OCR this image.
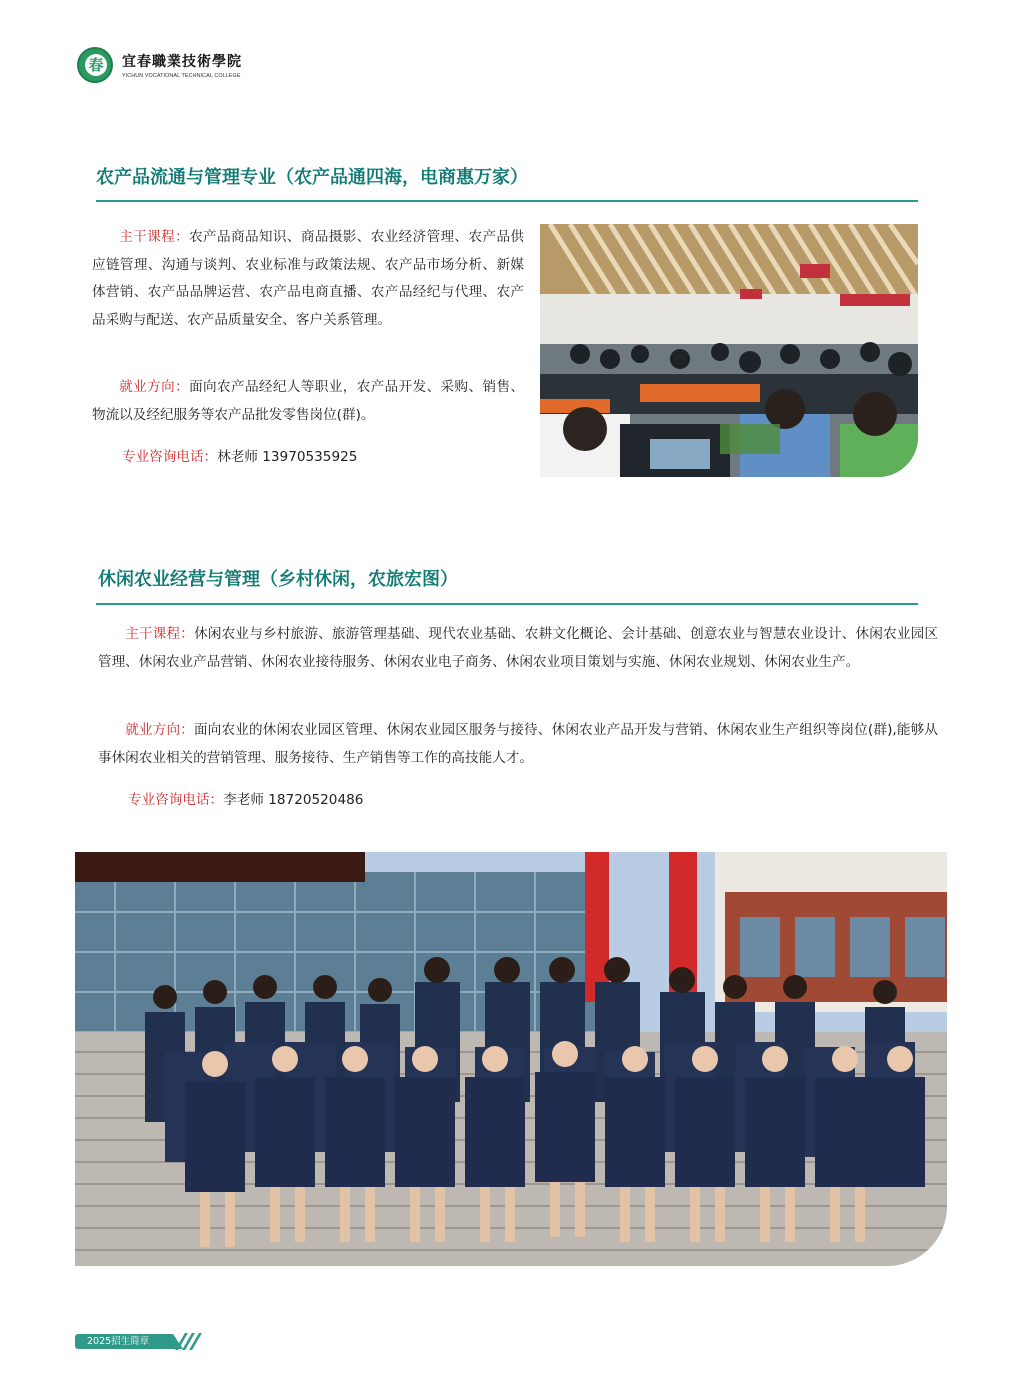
春
宜春職業技術學院
YICHUN VOCATIONAL TECHNICAL COLLEGE
农产品流通与管理专业（农产品通四海，电商惠万家）
主干课程：农产品商品知识、商品摄影、农业经济管理、农产品供应链管理、沟通与谈判、农业标准与政策法规、农产品市场分析、新媒体营销、农产品品牌运营、农产品电商直播、农产品经纪与代理、农产品采购与配送、农产品质量安全、客户关系管理。
就业方向：面向农产品经纪人等职业，农产品开发、采购、销售、物流以及经纪服务等农产品批发零售岗位(群)。
专业咨询电话：林老师 13970535925
休闲农业经营与管理（乡村休闲，农旅宏图）
主干课程：休闲农业与乡村旅游、旅游管理基础、现代农业基础、农耕文化概论、会计基础、创意农业与智慧农业设计、休闲农业园区管理、休闲农业产品营销、休闲农业接待服务、休闲农业电子商务、休闲农业项目策划与实施、休闲农业规划、休闲农业生产。
就业方向：面向农业的休闲农业园区管理、休闲农业园区服务与接待、休闲农业产品开发与营销、休闲农业生产组织等岗位(群),能够从事休闲农业相关的营销管理、服务接待、生产销售等工作的高技能人才。
专业咨询电话：李老师 18720520486
2025招生简章
